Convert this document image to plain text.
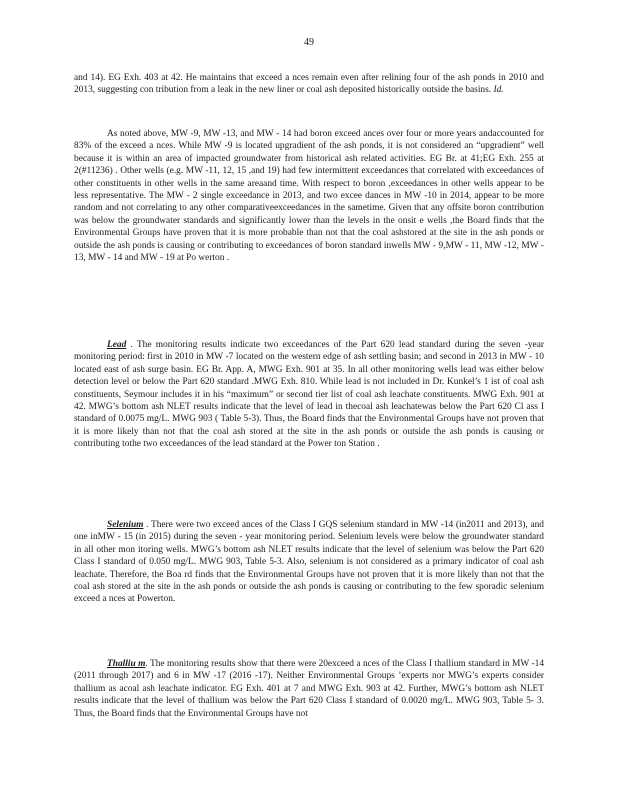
49

and 14). EG Exh. 403 at 42. He maintains that exceed a nces remain even after relining four of the ash ponds in 2010 and 2013, suggesting con tribution from a leak in the new liner or coal ash deposited historically outside the basins. Id.

As noted above, MW -9, MW -13, and MW - 14 had boron exceed ances over four or more years andaccounted for 83% of the exceed a nces. While MW -9 is located upgradient of the ash ponds, it is not considered an “upgradient” well because it is within an area of impacted groundwater from historical ash related activities. EG Br. at 41;EG Exh. 255 at 2(#11236) . Other wells (e.g. MW -11, 12, 15 ,and 19) had few intermittent exceedances that correlated with exceedances of other constituents in other wells in the same areaand time. With respect to boron ,exceedances in other wells appear to be less representative. The MW - 2 single exceedance in 2013, and two excee dances in MW -10 in 2014, appear to be more random and not correlating to any other comparativeexceedances in the sametime. Given that any offsite boron contribution was below the groundwater standards and significantly lower than the levels in the onsit e wells ,the Board finds that the Environmental Groups have proven that it is more probable than not that the coal ashstored at the site in the ash ponds or outside the ash ponds is causing or contributing to exceedances of boron standard inwells MW - 9,MW - 11, MW -12, MW - 13, MW - 14 and MW - 19 at Po werton .

Lead . The monitoring results indicate two exceedances of the Part 620 lead standard during the seven -year monitoring period: first in 2010 in MW -7 located on the western edge of ash settling basin; and second in 2013 in MW - 10 located east of ash surge basin. EG Br. App. A, MWG Exh. 901 at 35. In all other monitoring wells lead was either below detection level or below the Part 620 standard .MWG Exh. 810. While lead is not included in Dr. Kunkel’s 1 ist of coal ash constituents, Seymour includes it in his “maximum” or second tier list of coal ash leachate constituents. MWG Exh. 901 at 42. MWG’s bottom ash NLET results indicate that the level of lead in thecoal ash leachatewas below the Part 620 Cl ass I standard of 0.0075 mg/L. MWG 903 ( Table 5-3). Thus, the Board finds that the Environmental Groups have not proven that it is more likely than not that the coal ash stored at the site in the ash ponds or outside the ash ponds is causing or contributing tothe two exceedances of the lead standard at the Power ton Station .

Selenium . There were two exceed ances of the Class I GQS selenium standard in MW -14 (in2011 and 2013), and one inMW - 15 (in 2015) during the seven - year monitoring period. Selenium levels were below the groundwater standard in all other mon itoring wells. MWG’s bottom ash NLET results indicate that the level of selenium was below the Part 620 Class I standard of 0.050 mg/L. MWG 903, Table 5-3. Also, selenium is not considered as a primary indicator of coal ash leachate. Therefore, the Boa rd finds that the Environmental Groups have not proven that it is more likely than not that the coal ash stored at the site in the ash ponds or outside the ash ponds is causing or contributing to the few sporadic selenium exceed a nces at Powerton.

Thalliu m. The monitoring results show that there were 20exceed a nces of the Class I thallium standard in MW -14 (2011 through 2017) and 6 in MW -17 (2016 -17). Neither Environmental Groups ’experts nor MWG’s experts consider thallium as acoal ash leachate indicator. EG Exh. 401 at 7 and MWG Exh. 903 at 42. Further, MWG’s bottom ash NLET results indicate that the level of thallium was below the Part 620 Class I standard of 0.0020 mg/L. MWG 903, Table 5- 3. Thus, the Board finds that the Environmental Groups have not
